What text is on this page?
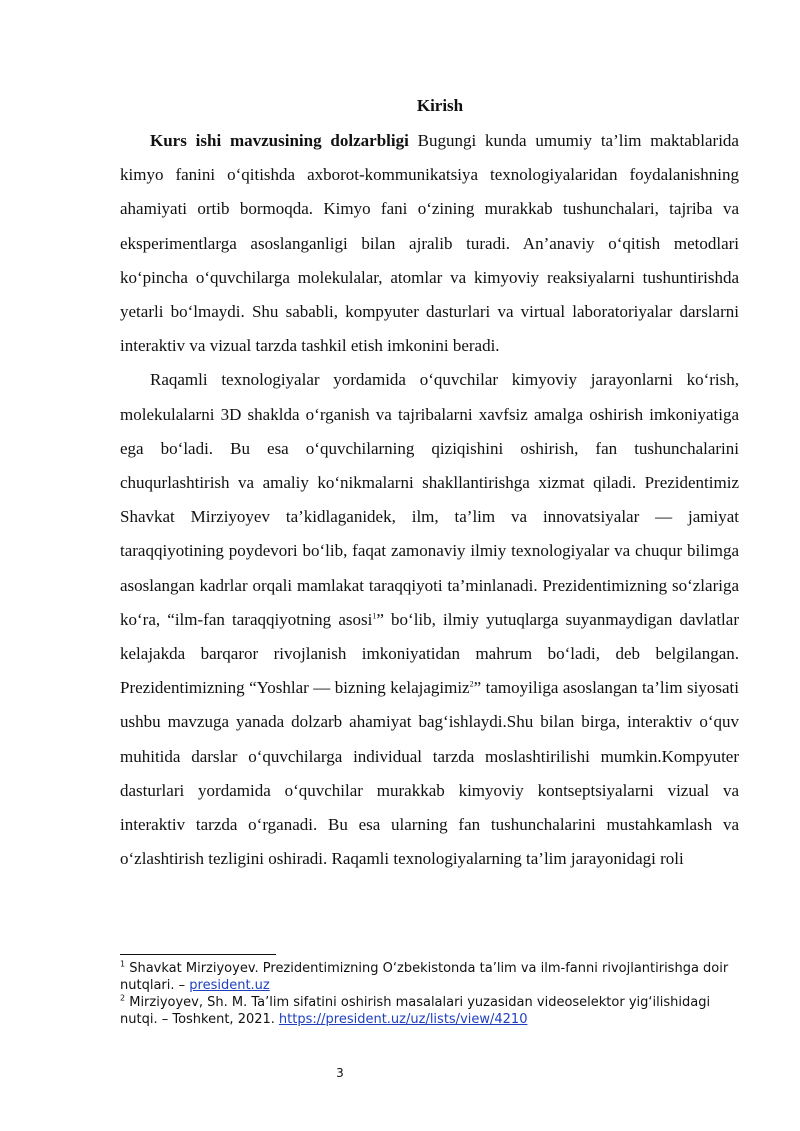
Kirish

Kurs ishi mavzusining dolzarbligi Bugungi kunda umumiy ta’lim maktablarida kimyo fanini o‘qitishda axborot-kommunikatsiya texnologiyalaridan foydalanishning ahamiyati ortib bormoqda. Kimyo fani o‘zining murakkab tushunchalari, tajriba va eksperimentlarga asoslanganligi bilan ajralib turadi. An’anaviy o‘qitish metodlari ko‘pincha o‘quvchilarga molekulalar, atomlar va kimyoviy reaksiyalarni tushuntirishda yetarli bo‘lmaydi. Shu sababli, kompyuter dasturlari va virtual laboratoriyalar darslarni interaktiv va vizual tarzda tashkil etish imkonini beradi.

Raqamli texnologiyalar yordamida o‘quvchilar kimyoviy jarayonlarni ko‘rish, molekulalarni 3D shaklda o‘rganish va tajribalarni xavfsiz amalga oshirish imkoniyatiga ega bo‘ladi. Bu esa o‘quvchilarning qiziqishini oshirish, fan tushunchalarini chuqurlashtirish va amaliy ko‘nikmalarni shakllantirishga xizmat qiladi. Prezidentimiz Shavkat Mirziyoyev ta’kidlaganidek, ilm, ta’lim va innovatsiyalar — jamiyat taraqqiyotining poydevori bo‘lib, faqat zamonaviy ilmiy texnologiyalar va chuqur bilimga asoslangan kadrlar orqali mamlakat taraqqiyoti ta’minlanadi. Prezidentimizning so‘zlariga ko‘ra, “ilm-fan taraqqiyotning asosi$^1$” bo‘lib, ilmiy yutuqlarga suyanmaydigan davlatlar kelajakda barqaror rivojlanish imkoniyatidan mahrum bo‘ladi, deb belgilangan. Prezidentimizning “Yoshlar — bizning kelajagimiz$^2$” tamoyiliga asoslangan ta’lim siyosati ushbu mavzuga yanada dolzarb ahamiyat bag‘ishlaydi.Shu bilan birga, interaktiv o‘quv muhitida darslar o‘quvchilarga individual tarzda moslashtirilishi mumkin.Kompyuter dasturlari yordamida o‘quvchilar murakkab kimyoviy kontseptsiyalarni vizual va interaktiv tarzda o‘rganadi. Bu esa ularning fan tushunchalarini mustahkamlash va o‘zlashtirish tezligini oshiradi. Raqamli texnologiyalarning ta’lim jarayonidagi roli

$^1$ Shavkat Mirziyoyev. Prezidentimizning O‘zbekistonda ta’lim va ilm-fanni rivojlantirishga doir nutqlari. – president.uz

$^2$ Mirziyoyev, Sh. M. Ta’lim sifatini oshirish masalalari yuzasidan videoselektor yig‘ilishidagi nutqi. – Toshkent, 2021. https://president.uz/uz/lists/view/4210

3
